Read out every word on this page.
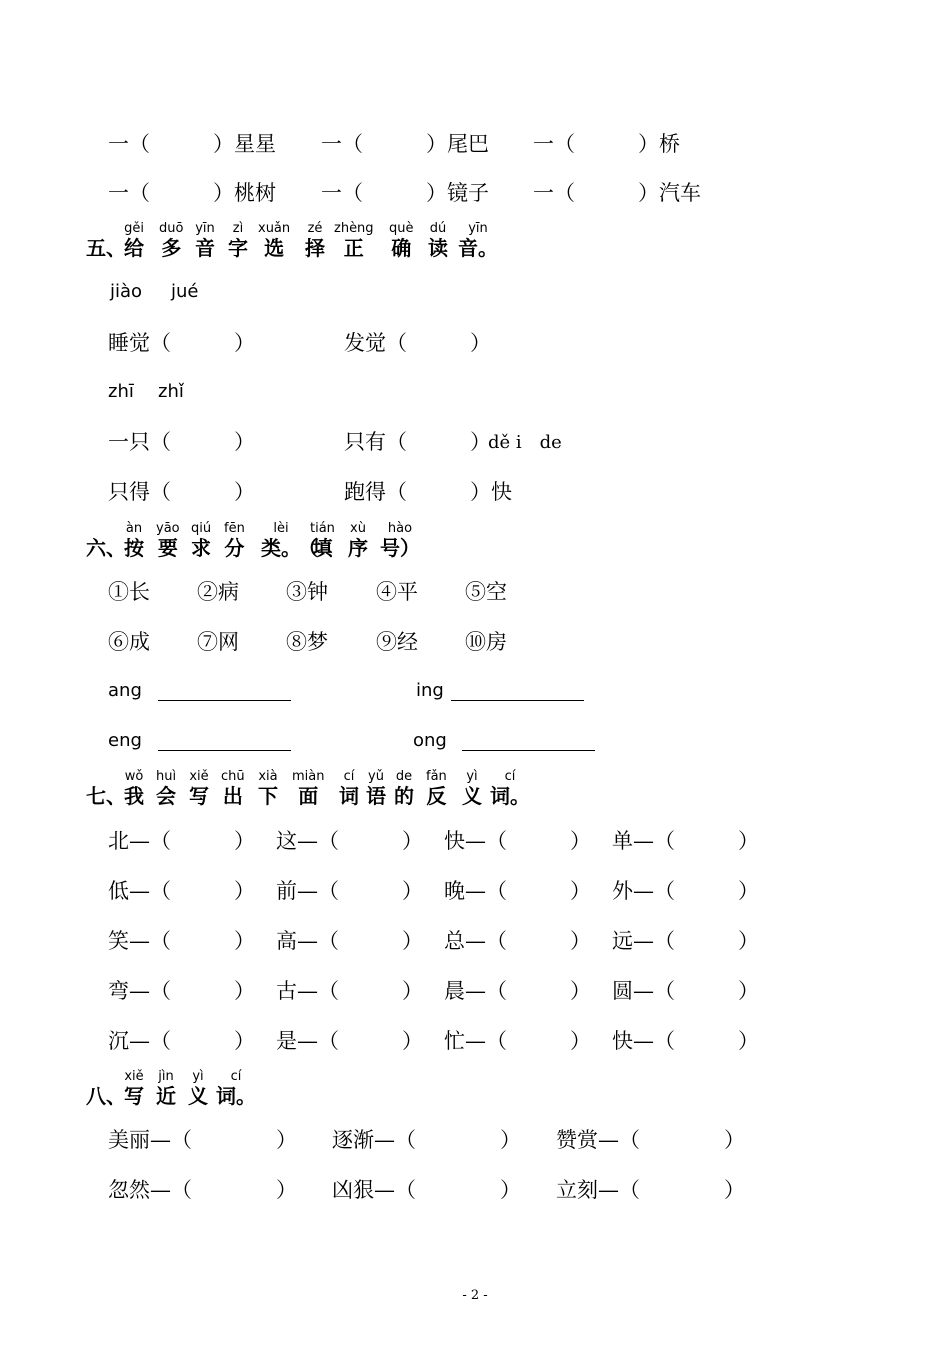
一（　　　）星星 一（　　　）尾巴 一（　　　）桥
一（　　　）桃树 一（　　　）镜子 一（　　　）汽车
五、
gěi
给
duō
多
yīn
音
zì
字
xuǎn
选
zé
择
zhèng
正
què
确
dú
读
yīn
音。
jiào jué
睡觉（　　　）	发觉（　　　）
zhī zhǐ
一只（　　　）	只有（　　　）
dě i　de
只得（　　　）	跑得（　　　）快
六、
àn
按
yāo
要
qiú
求
fēn
分
lèi
类。
（
tián
填
xù
序
hào
号）
①长 ②病 ③钟 ④平 ⑤空
⑥成 ⑦网 ⑧梦 ⑨经 ⑩房
ang	ing
eng	ong
七、
wǒ
我
huì
会
xiě
写
chū
出
xià
下
miàn
面
cí
词
yǔ
语
de
的
fǎn
反
yì
义
cí
词。
北—（　　　） 这—（　　　） 快—（　　　） 单—（　　　）
低—（　　　） 前—（　　　） 晚—（　　　） 外—（　　　）
笑—（　　　） 高—（　　　） 总—（　　　） 远—（　　　）
弯—（　　　） 古—（　　　） 晨—（　　　） 圆—（　　　）
沉—（　　　） 是—（　　　） 忙—（　　　） 快—（　　　）
八、
xiě
写
jìn
近
yì
义
cí
词。
美丽—（　　　　） 逐渐—（　　　　） 赞赏—（　　　　）
忽然—（　　　　） 凶狠—（　　　　） 立刻—（　　　　）
- 2 -
